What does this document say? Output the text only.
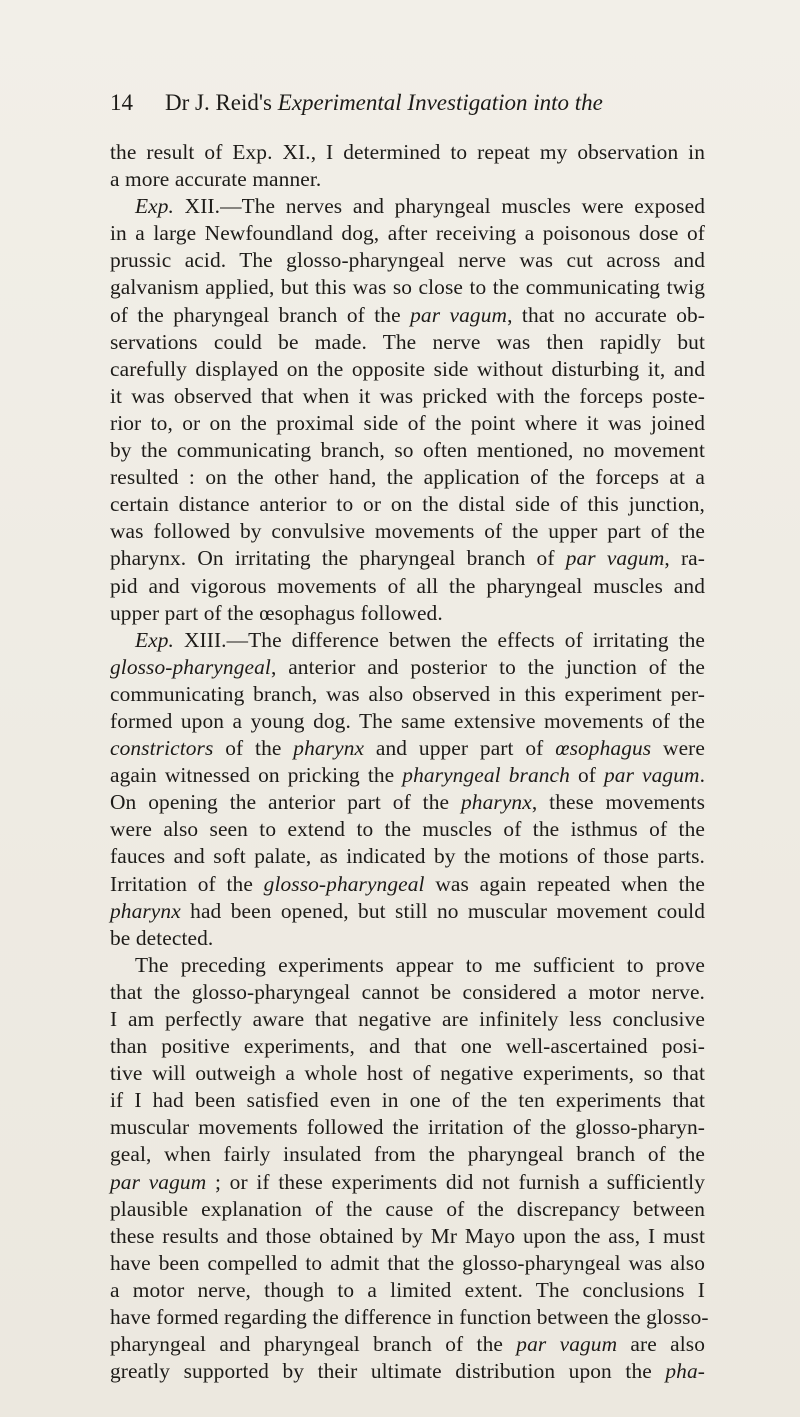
14 Dr J. Reid's Experimental Investigation into the
the result of Exp. XI., I determined to repeat my observation in
a more accurate manner.
Exp. XII.—The nerves and pharyngeal muscles were exposed
in a large Newfoundland dog, after receiving a poisonous dose of
prussic acid. The glosso-pharyngeal nerve was cut across and
galvanism applied, but this was so close to the communicating twig
of the pharyngeal branch of the par vagum, that no accurate ob-
servations could be made. The nerve was then rapidly but
carefully displayed on the opposite side without disturbing it, and
it was observed that when it was pricked with the forceps poste-
rior to, or on the proximal side of the point where it was joined
by the communicating branch, so often mentioned, no movement
resulted : on the other hand, the application of the forceps at a
certain distance anterior to or on the distal side of this junction,
was followed by convulsive movements of the upper part of the
pharynx. On irritating the pharyngeal branch of par vagum, ra-
pid and vigorous movements of all the pharyngeal muscles and
upper part of the œsophagus followed.
Exp. XIII.—The difference betwen the effects of irritating the
glosso-pharyngeal, anterior and posterior to the junction of the
communicating branch, was also observed in this experiment per-
formed upon a young dog. The same extensive movements of the
constrictors of the pharynx and upper part of œsophagus were
again witnessed on pricking the pharyngeal branch of par vagum.
On opening the anterior part of the pharynx, these movements
were also seen to extend to the muscles of the isthmus of the
fauces and soft palate, as indicated by the motions of those parts.
Irritation of the glosso-pharyngeal was again repeated when the
pharynx had been opened, but still no muscular movement could
be detected.
The preceding experiments appear to me sufficient to prove
that the glosso-pharyngeal cannot be considered a motor nerve.
I am perfectly aware that negative are infinitely less conclusive
than positive experiments, and that one well-ascertained posi-
tive will outweigh a whole host of negative experiments, so that
if I had been satisfied even in one of the ten experiments that
muscular movements followed the irritation of the glosso-pharyn-
geal, when fairly insulated from the pharyngeal branch of the
par vagum ; or if these experiments did not furnish a sufficiently
plausible explanation of the cause of the discrepancy between
these results and those obtained by Mr Mayo upon the ass, I must
have been compelled to admit that the glosso-pharyngeal was also
a motor nerve, though to a limited extent. The conclusions I
have formed regarding the difference in function between the glosso-
pharyngeal and pharyngeal branch of the par vagum are also
greatly supported by their ultimate distribution upon the pha-
